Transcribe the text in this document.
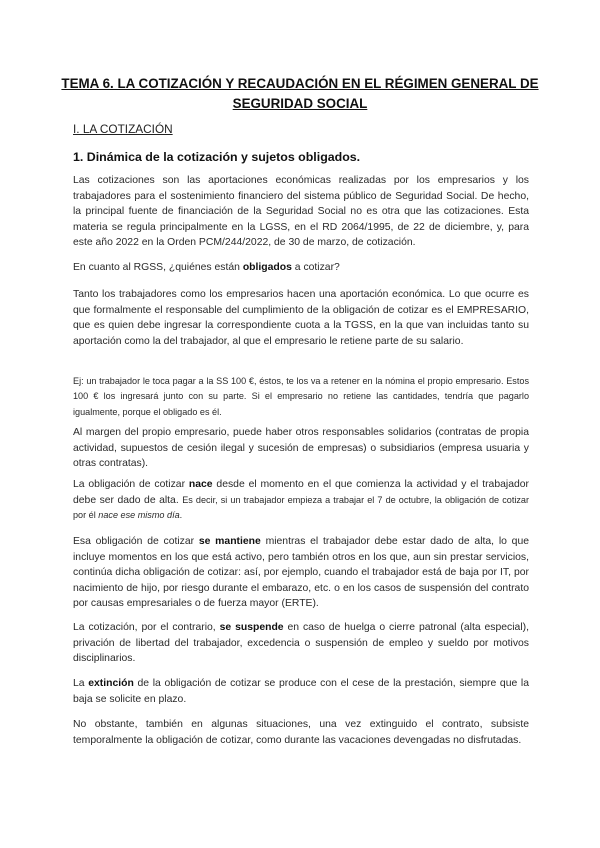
TEMA 6. LA COTIZACIÓN Y RECAUDACIÓN EN EL RÉGIMEN GENERAL DE SEGURIDAD SOCIAL
I. LA COTIZACIÓN
1. Dinámica de la cotización y sujetos obligados.
Las cotizaciones son las aportaciones económicas realizadas por los empresarios y los trabajadores para el sostenimiento financiero del sistema público de Seguridad Social. De hecho, la principal fuente de financiación de la Seguridad Social no es otra que las cotizaciones. Esta materia se regula principalmente en la LGSS, en el RD 2064/1995, de 22 de diciembre, y, para este año 2022 en la Orden PCM/244/2022, de 30 de marzo, de cotización.
En cuanto al RGSS, ¿quiénes están obligados a cotizar?
Tanto los trabajadores como los empresarios hacen una aportación económica. Lo que ocurre es que formalmente el responsable del cumplimiento de la obligación de cotizar es el EMPRESARIO, que es quien debe ingresar la correspondiente cuota a la TGSS, en la que van incluidas tanto su aportación como la del trabajador, al que el empresario le retiene parte de su salario.
Ej: un trabajador le toca pagar a la SS 100 €, éstos, te los va a retener en la nómina el propio empresario. Estos 100 € los ingresará junto con su parte. Si el empresario no retiene las cantidades, tendría que pagarlo igualmente, porque el obligado es él.
Al margen del propio empresario, puede haber otros responsables solidarios (contratas de propia actividad, supuestos de cesión ilegal y sucesión de empresas) o subsidiarios (empresa usuaria y otras contratas).
La obligación de cotizar nace desde el momento en el que comienza la actividad y el trabajador debe ser dado de alta. Es decir, si un trabajador empieza a trabajar el 7 de octubre, la obligación de cotizar por él nace ese mismo día.
Esa obligación de cotizar se mantiene mientras el trabajador debe estar dado de alta, lo que incluye momentos en los que está activo, pero también otros en los que, aun sin prestar servicios, continúa dicha obligación de cotizar: así, por ejemplo, cuando el trabajador está de baja por IT, por nacimiento de hijo, por riesgo durante el embarazo, etc. o en los casos de suspensión del contrato por causas empresariales o de fuerza mayor (ERTE).
La cotización, por el contrario, se suspende en caso de huelga o cierre patronal (alta especial), privación de libertad del trabajador, excedencia o suspensión de empleo y sueldo por motivos disciplinarios.
La extinción de la obligación de cotizar se produce con el cese de la prestación, siempre que la baja se solicite en plazo.
No obstante, también en algunas situaciones, una vez extinguido el contrato, subsiste temporalmente la obligación de cotizar, como durante las vacaciones devengadas no disfrutadas.
